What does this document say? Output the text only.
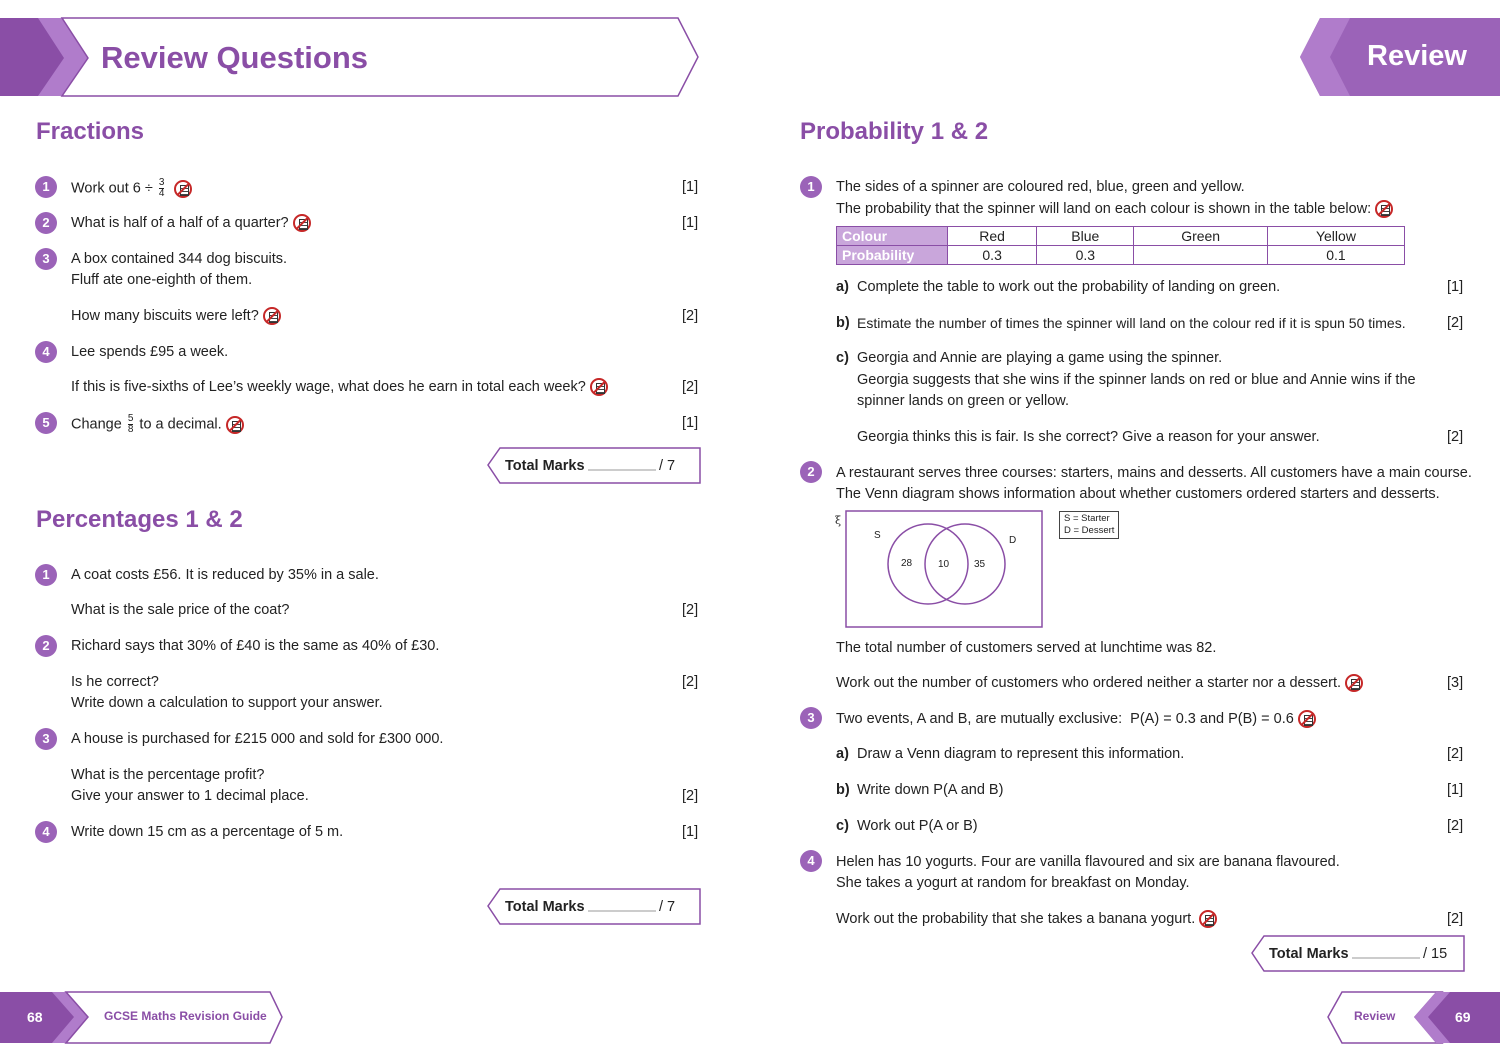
Review Questions	Review
Fractions
1	Work out $6 \div \frac{3}{4}$
	[1]
2	What is half of a half of a quarter?	[1]
3	A box contained 344 dog biscuits.
Fluff ate one-eighth of them.
How many biscuits were left?	[2]
4	Lee spends £95 a week.
If this is five-sixths of Lee’s weekly wage, what does he earn in total each week?	[2]
5	Change $\frac{5}{8}$ to a decimal.	[1]
Total Marks	/ 7
Percentages 1 & 2
1	A coat costs £56. It is reduced by 35% in a sale.
What is the sale price of the coat?	[2]
2	Richard says that 30% of £40 is the same as 40% of £30.
Is he correct?
Write down a calculation to support your answer.
[2]
3	A house is purchased for £215 000 and sold for £300 000.
What is the percentage profit?
Give your answer to 1 decimal place.	[2]
4	Write down 15 cm as a percentage of 5 m.	[1]
Total Marks	/ 7
Probability 1 & 2
1	The sides of a spinner are coloured red, blue, green and yellow.
The probability that the spinner will land on each colour is shown in the table below:
Colour	Red	Blue	Green	Yellow
Probability	0.3	0.3		0.1
a) Complete the table to work out the probability of landing on green.	[1]
b) Estimate the number of times the spinner will land on the colour red if it is spun 50 times.	[2]
c) Georgia and Annie are playing a game using the spinner.
Georgia suggests that she wins if the spinner lands on red or blue and Annie wins if the
spinner lands on green or yellow.
Georgia thinks this is fair. Is she correct? Give a reason for your answer.	[2]
2	A restaurant serves three courses: starters, mains and desserts. All customers have a main course.
The Venn diagram shows information about whether customers ordered starters and desserts.
ξ
S	D
28	10 35
S = Starter
D = Dessert
The total number of customers served at lunchtime was 82.
Work out the number of customers who ordered neither a starter nor a dessert.	[3]
3	Two events, A and B, are mutually exclusive:  P(A) = 0.3 and P(B) = 0.6
a) Draw a Venn diagram to represent this information.	[2]
b) Write down P(A and B)	[1]
c) Work out P(A or B)	[2]
4	Helen has 10 yogurts. Four are vanilla flavoured and six are banana flavoured.
She takes a yogurt at random for breakfast on Monday.
Work out the probability that she takes a banana yogurt.	[2]
Total Marks	/ 15
68	GCSE Maths Revision Guide	Review	69
